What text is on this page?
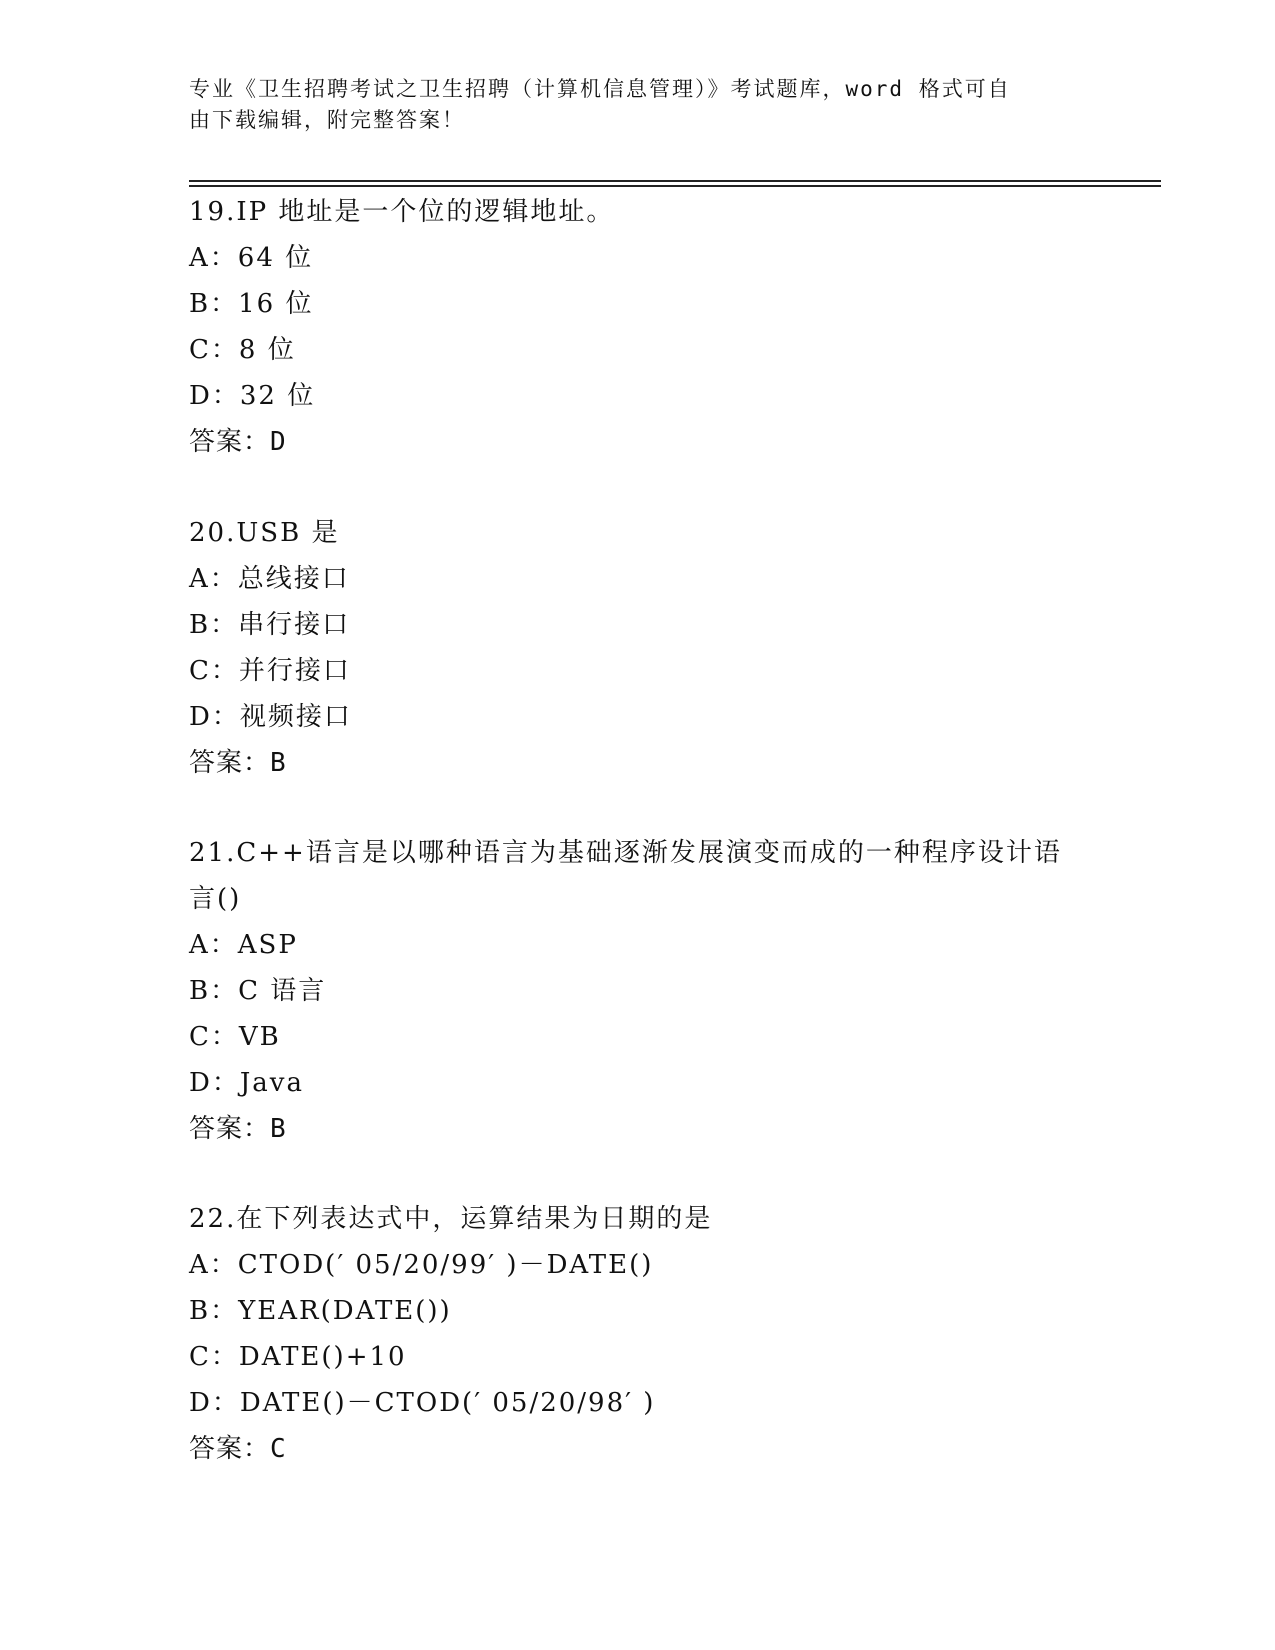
专业《卫生招聘考试之卫生招聘（计算机信息管理）》考试题库，word 格式可自
由下载编辑，附完整答案！
19.IP 地址是一个位的逻辑地址。
A：64 位
B：16 位
C：8 位
D：32 位
答案：D
20.USB 是
A：总线接口
B：串行接口
C：并行接口
D：视频接口
答案：B
21.C++语言是以哪种语言为基础逐渐发展演变而成的一种程序设计语
言()
A：ASP
B：C 语言
C：VB
D：Java
答案：B
22.在下列表达式中，运算结果为日期的是
A：CTOD(′ 05/20/99′ )－DATE()
B：YEAR(DATE())
C：DATE()+10
D：DATE()－CTOD(′ 05/20/98′ )
答案：C
